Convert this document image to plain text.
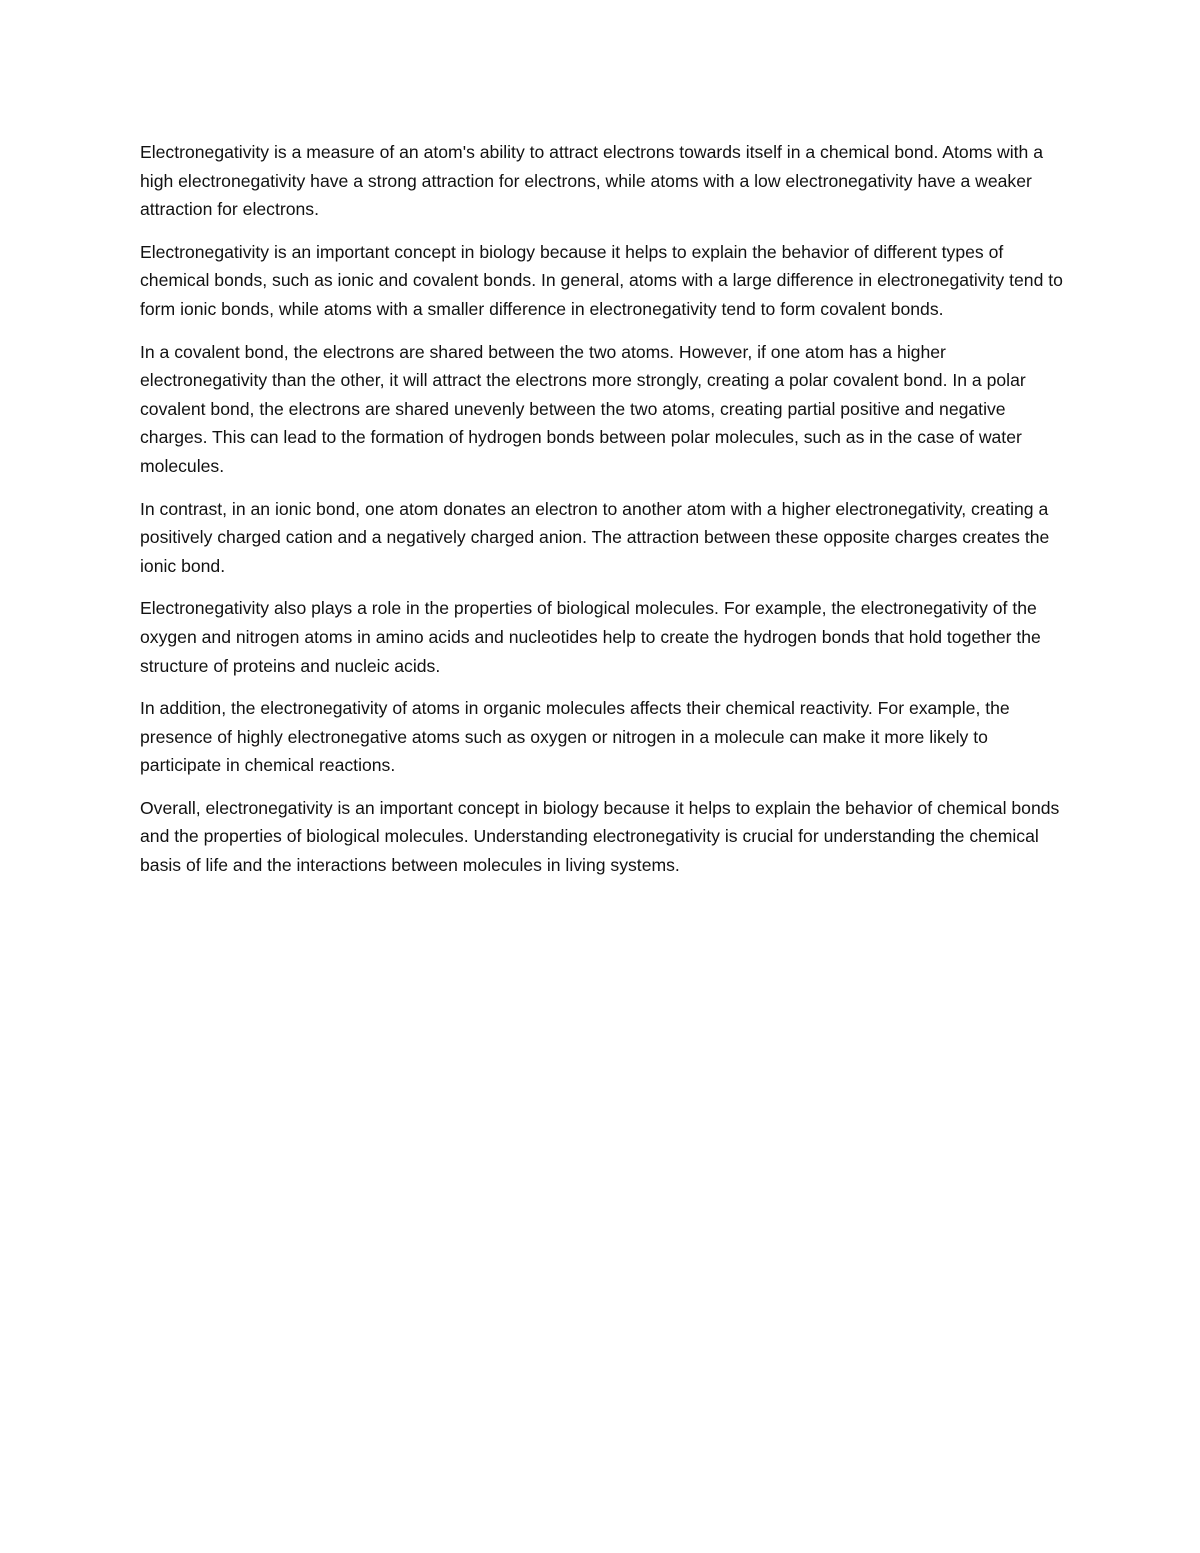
Electronegativity is a measure of an atom's ability to attract electrons towards itself in a chemical bond. Atoms with a high electronegativity have a strong attraction for electrons, while atoms with a low electronegativity have a weaker attraction for electrons.

Electronegativity is an important concept in biology because it helps to explain the behavior of different types of chemical bonds, such as ionic and covalent bonds. In general, atoms with a large difference in electronegativity tend to form ionic bonds, while atoms with a smaller difference in electronegativity tend to form covalent bonds.

In a covalent bond, the electrons are shared between the two atoms. However, if one atom has a higher electronegativity than the other, it will attract the electrons more strongly, creating a polar covalent bond. In a polar covalent bond, the electrons are shared unevenly between the two atoms, creating partial positive and negative charges. This can lead to the formation of hydrogen bonds between polar molecules, such as in the case of water molecules.

In contrast, in an ionic bond, one atom donates an electron to another atom with a higher electronegativity, creating a positively charged cation and a negatively charged anion. The attraction between these opposite charges creates the ionic bond.

Electronegativity also plays a role in the properties of biological molecules. For example, the electronegativity of the oxygen and nitrogen atoms in amino acids and nucleotides help to create the hydrogen bonds that hold together the structure of proteins and nucleic acids.

In addition, the electronegativity of atoms in organic molecules affects their chemical reactivity. For example, the presence of highly electronegative atoms such as oxygen or nitrogen in a molecule can make it more likely to participate in chemical reactions.

Overall, electronegativity is an important concept in biology because it helps to explain the behavior of chemical bonds and the properties of biological molecules. Understanding electronegativity is crucial for understanding the chemical basis of life and the interactions between molecules in living systems.
